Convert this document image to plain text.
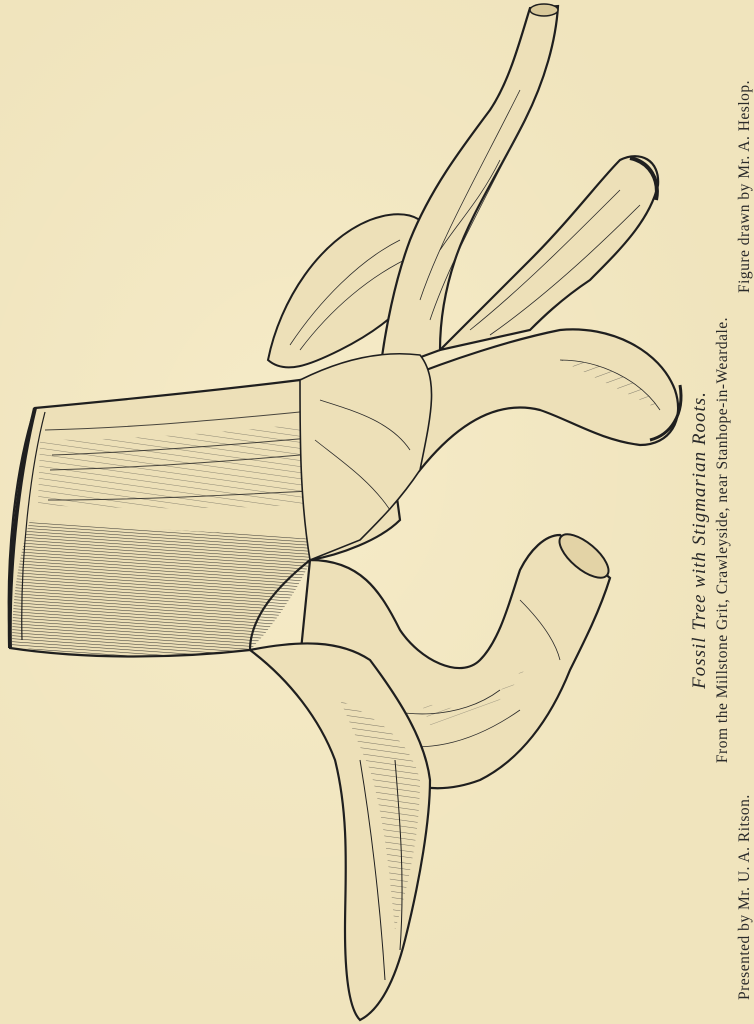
Fossil Tree with Stigmarian Roots. From the Millstone Grit, Crawleyside, near Stanhope-in-Weardale.
Presented by Mr. U. A. Ritson.
Figure drawn by Mr. A. Heslop.
